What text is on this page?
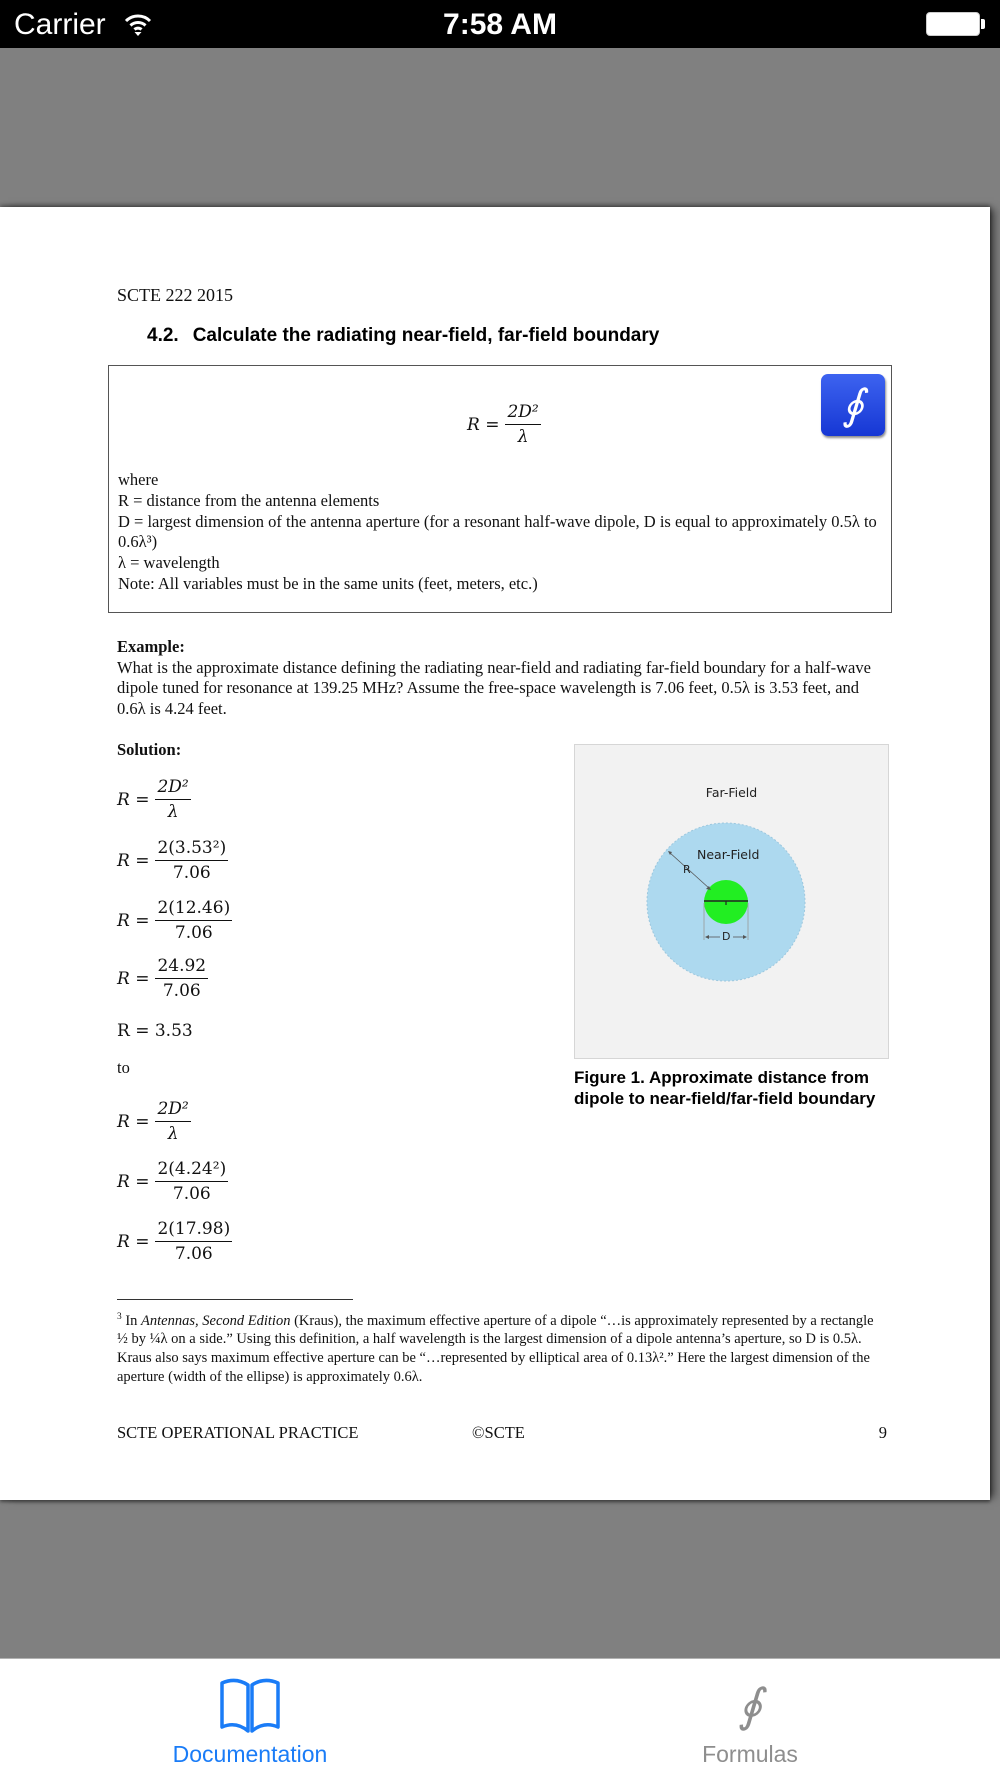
Carrier	7:58 AM
SCTE 222 2015
4.2. Calculate the radiating near-field, far-field boundary
∮
$R = \frac{\text{2D²}}{\lambda}$
where
R = distance from the antenna elements
D = largest dimension of the antenna aperture (for a resonant half-wave dipole, D is equal to approximately 0.5λ to 0.6λ³)
λ = wavelength
Note: All variables must be in the same units (feet, meters, etc.)
Example:
What is the approximate distance defining the radiating near-field and radiating far-field boundary for a half-wave dipole tuned for resonance at 139.25 MHz? Assume the free-space wavelength is 7.06 feet, 0.5λ is 3.53 feet, and 0.6λ is 4.24 feet.
Solution:
$R = \frac{\text{2D²}}{\lambda}$
$R = \frac{\text{2(3.53²)}}{7.06}$
$R = \frac{2(12.46)}{7.06}$
$R = \frac{24.92}{7.06}$
R = 3.53
$R = \frac{\text{2D²}}{\lambda}$
$R = \frac{\text{2(4.24²)}}{7.06}$
$R = \frac{2(17.98)}{7.06}$
to
Far-Field
Near-Field
R
D
Figure 1. Approximate distance from dipole to near-field/far-field boundary
$^3$ In Antennas, Second Edition (Kraus), the maximum effective aperture of a dipole “…is approximately represented by a rectangle ½ by ¼λ on a side.” Using this definition, a half wavelength is the largest dimension of a dipole antenna’s aperture, so D is 0.5λ. Kraus also says maximum effective aperture can be “…represented by elliptical area of 0.13λ².” Here the largest dimension of the aperture (width of the ellipse) is approximately 0.6λ.
SCTE OPERATIONAL PRACTICE	©SCTE	9
Documentation
∮
Formulas
